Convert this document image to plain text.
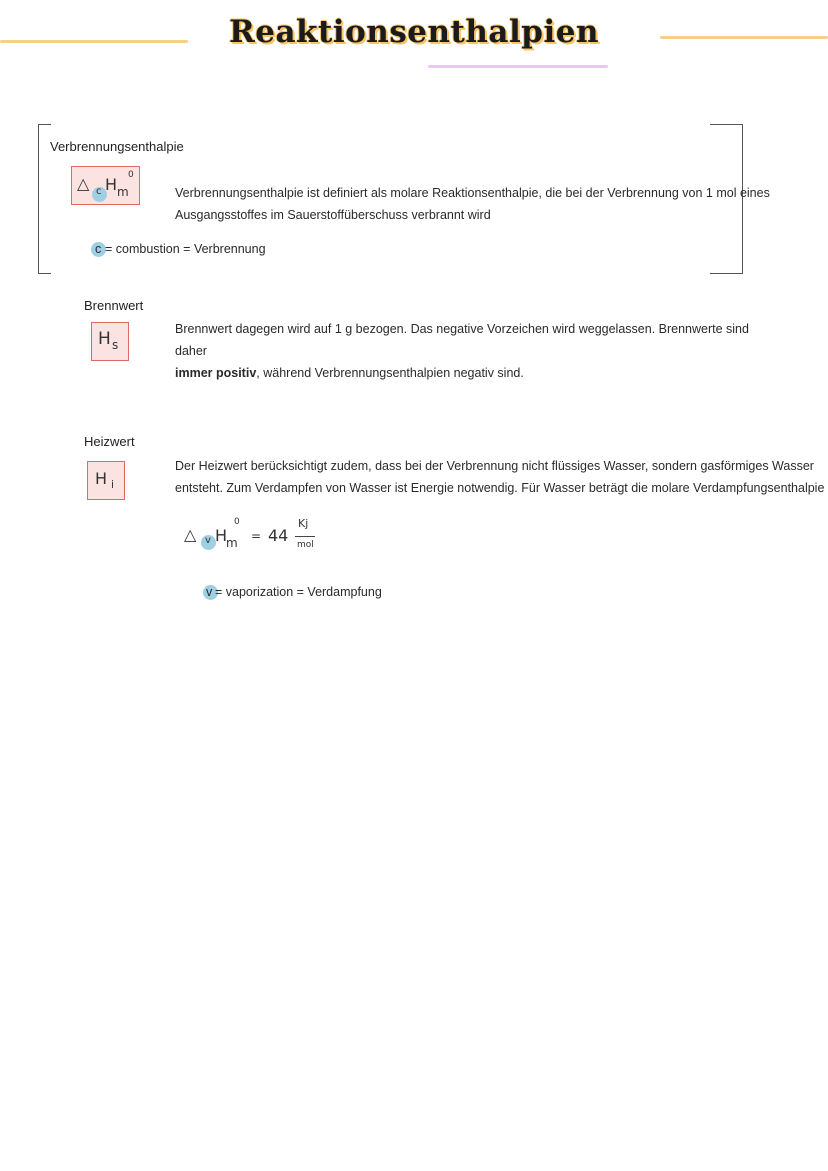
Reaktionsenthalpien
Verbrennungsenthalpie
△ c H m
0
Verbrennungsenthalpie ist definiert als molare Reaktionsenthalpie, die bei der Verbrennung von 1 mol eines
Ausgangsstoffes im Sauerstoffüberschuss verbrannt wird
c = combustion = Verbrennung
Brennwert
H s
Brennwert dagegen wird auf 1 g bezogen. Das negative Vorzeichen wird weggelassen. Brennwerte sind daher
immer positiv, während Verbrennungsenthalpien negativ sind.
Heizwert
H i
Der Heizwert berücksichtigt zudem, dass bei der Verbrennung nicht flüssiges Wasser, sondern gasförmiges Wasser
entsteht. Zum Verdampfen von Wasser ist Energie notwendig. Für Wasser beträgt die molare Verdampfungsenthalpie
△ v H
m
0
= 44
Kj
mol
v = vaporization = Verdampfung
